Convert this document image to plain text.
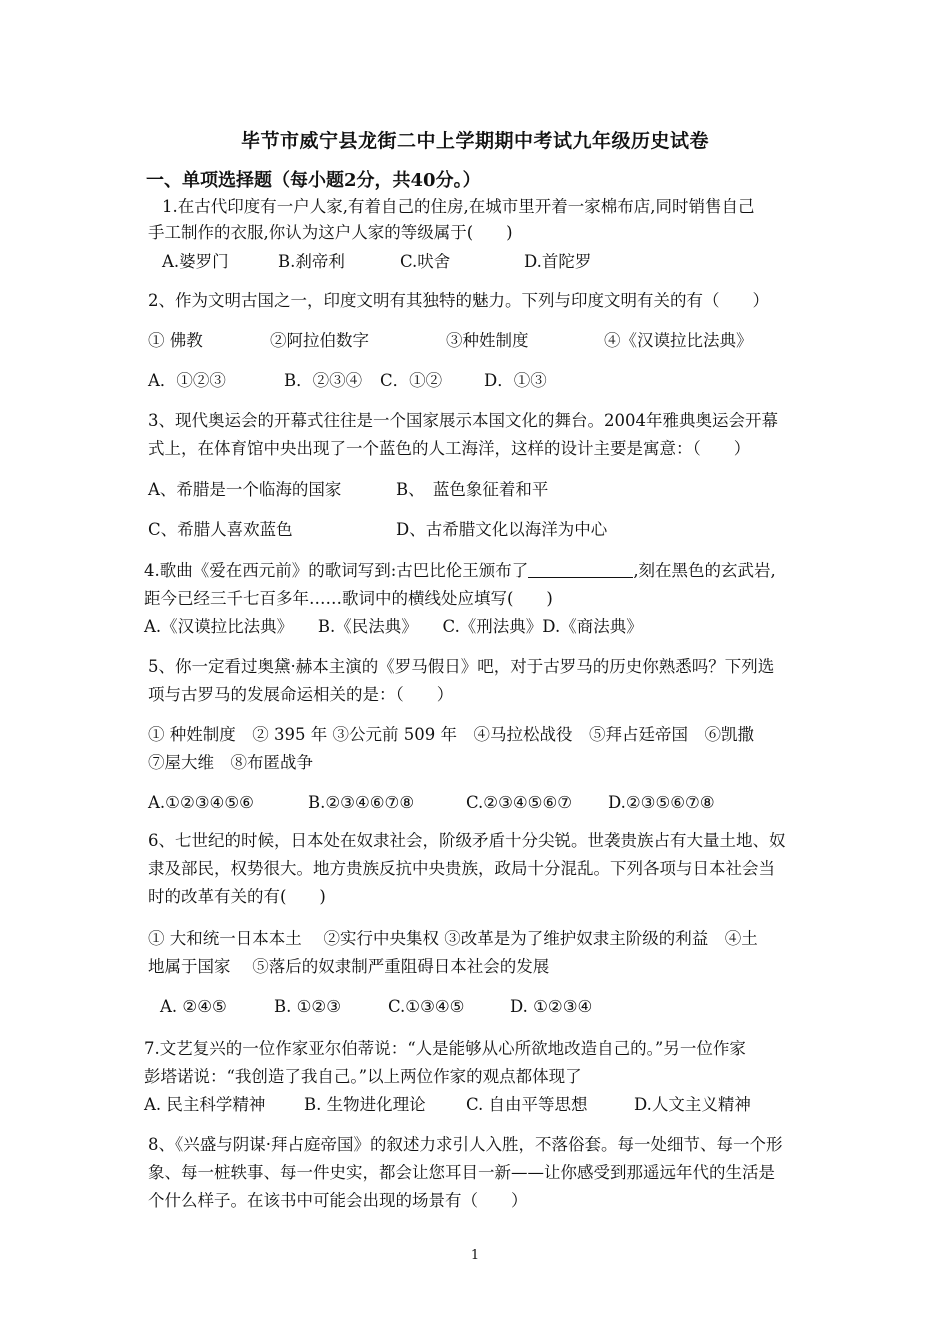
毕节市威宁县龙街二中上学期期中考试九年级历史试卷
一、单项选择题（每小题2分，共40分。）
1.在古代印度有一户人家,有着自己的住房,在城市里开着一家棉布店,同时销售自己
手工制作的衣服,你认为这户人家的等级属于(　　)
A.婆罗门	B.刹帝利	C.吠舍	D.首陀罗
2、作为文明古国之一，印度文明有其独特的魅力。下列与印度文明有关的有（　　）
① 佛教	②阿拉伯数字	③种姓制度	④《汉谟拉比法典》
A．①②③	B．②③④ C．①②	D．①③
3、现代奥运会的开幕式往往是一个国家展示本国文化的舞台。2004年雅典奥运会开幕
式上，在体育馆中央出现了一个蓝色的人工海洋，这样的设计主要是寓意：（　　）
A、希腊是一个临海的国家	B、　蓝色象征着和平
C、希腊人喜欢蓝色	D、古希腊文化以海洋为中心
4.歌曲《爱在西元前》的歌词写到:古巴比伦王颁布了	,刻在黑色的玄武岩,
距今已经三千七百多年……歌词中的横线处应填写(　　)
A.《汉谟拉比法典》　　B.《民法典》　　C.《刑法典》D.《商法典》
5、你一定看过奥黛·赫本主演的《罗马假日》吧，对于古罗马的历史你熟悉吗？下列选
项与古罗马的发展命运相关的是：（　　）
① 种姓制度　② 395 年 ③公元前 509 年　④马拉松战役　⑤拜占廷帝国　⑥凯撒
⑦屋大维　⑧布匿战争
A.①②③④⑤⑥	B.②③④⑥⑦⑧	C.②③④⑤⑥⑦ D.②③⑤⑥⑦⑧
6、七世纪的时候，日本处在奴隶社会，阶级矛盾十分尖锐。世袭贵族占有大量土地、奴
隶及部民，权势很大。地方贵族反抗中央贵族，政局十分混乱。下列各项与日本社会当
时的改革有关的有(　　)
① 大和统一日本本土　 ②实行中央集权 ③改革是为了维护奴隶主阶级的利益　④土
地属于国家　 ⑤落后的奴隶制严重阻碍日本社会的发展
A. ②④⑤	B. ①②③	C.①③④⑤	D. ①②③④
7.文艺复兴的一位作家亚尔伯蒂说：“人是能够从心所欲地改造自己的。”另一位作家
彭塔诺说：“我创造了我自己。”以上两位作家的观点都体现了
A. 民主科学精神 B. 生物进化理论 C. 自由平等思想	D.人文主义精神
8、《兴盛与阴谋·拜占庭帝国》的叙述力求引人入胜，不落俗套。每一处细节、每一个形
象、每一桩轶事、每一件史实，都会让您耳目一新——让你感受到那遥远年代的生活是
个什么样子。在该书中可能会出现的场景有（　　）
1
